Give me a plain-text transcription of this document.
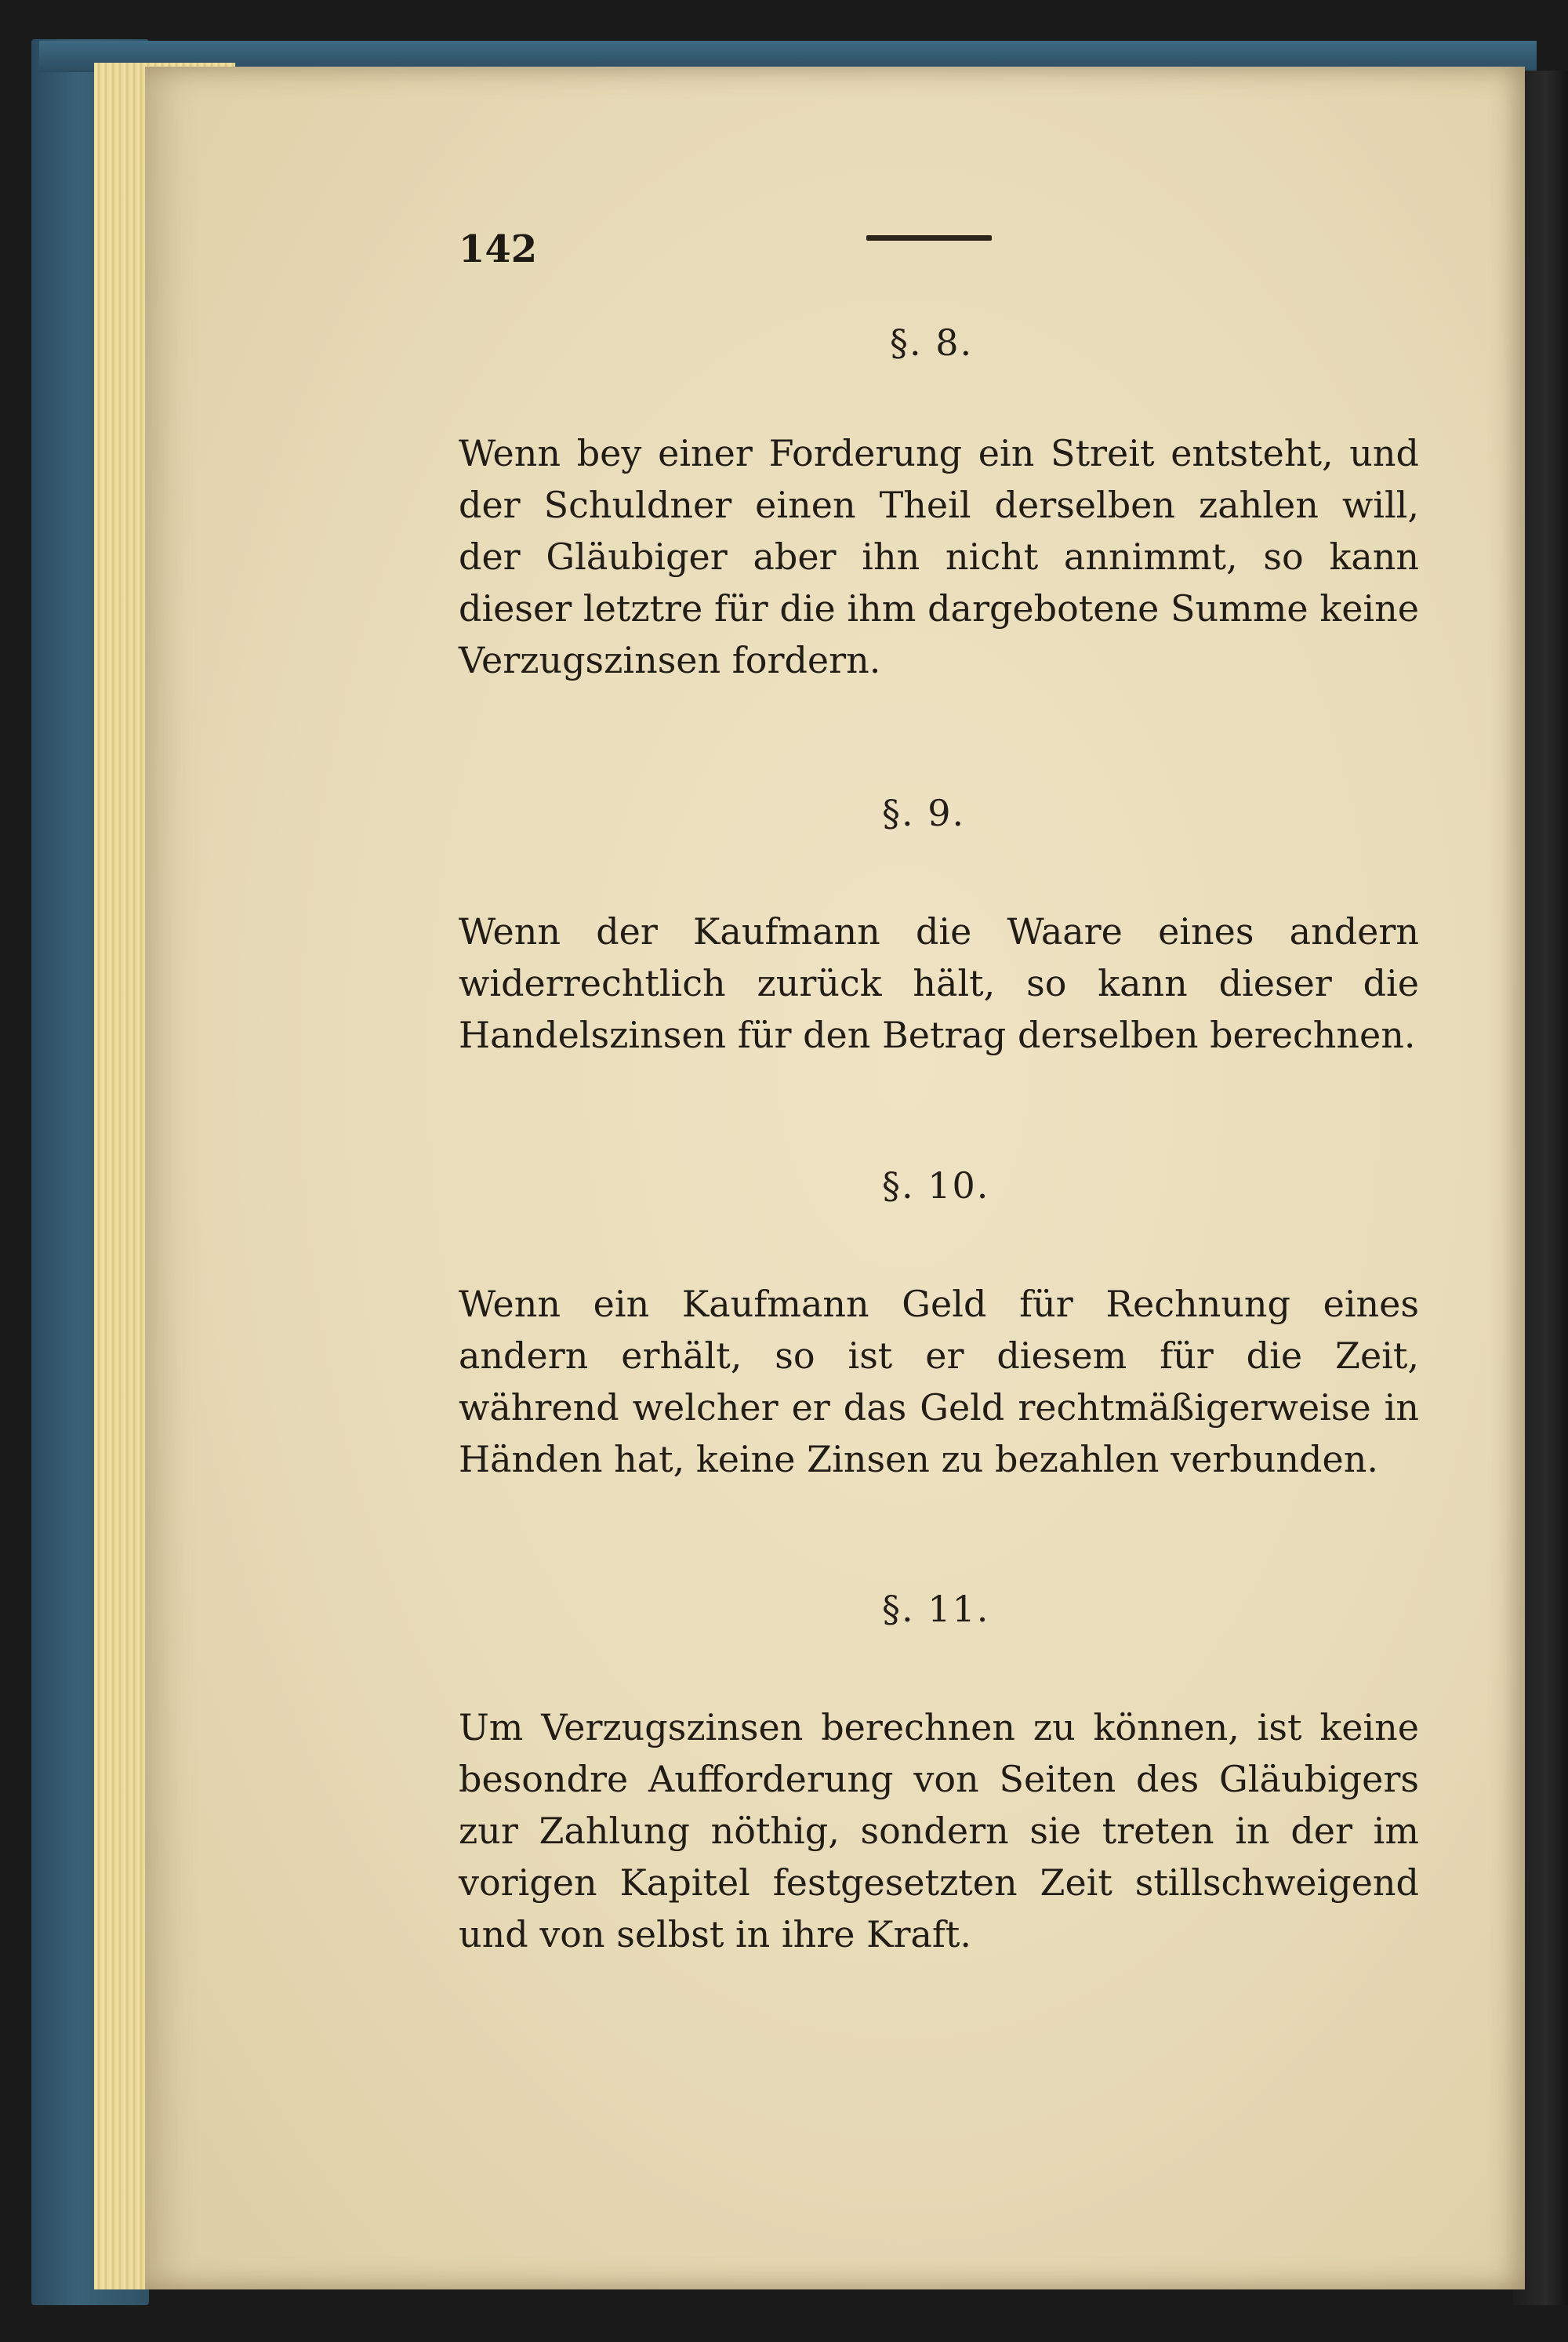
142
§. 8.
Wenn bey einer Forderung ein Streit entsteht, und der Schuldner einen Theil derselben zahlen will, der Gläubiger aber ihn nicht annimmt, so kann dieser letztre für die ihm dargebotene Summe keine Verzugszinsen fordern.
§. 9.
Wenn der Kaufmann die Waare eines andern widerrechtlich zurück hält, so kann dieser die Handelszinsen für den Betrag derselben berechnen.
§. 10.
Wenn ein Kaufmann Geld für Rechnung eines andern erhält, so ist er diesem für die Zeit, während welcher er das Geld rechtmäßigerweise in Händen hat, keine Zinsen zu bezahlen verbunden.
§. 11.
Um Verzugszinsen berechnen zu können, ist keine besondre Aufforderung von Seiten des Gläubigers zur Zahlung nöthig, sondern sie treten in der im vorigen Kapitel festgesetzten Zeit stillschweigend und von selbst in ihre Kraft.
